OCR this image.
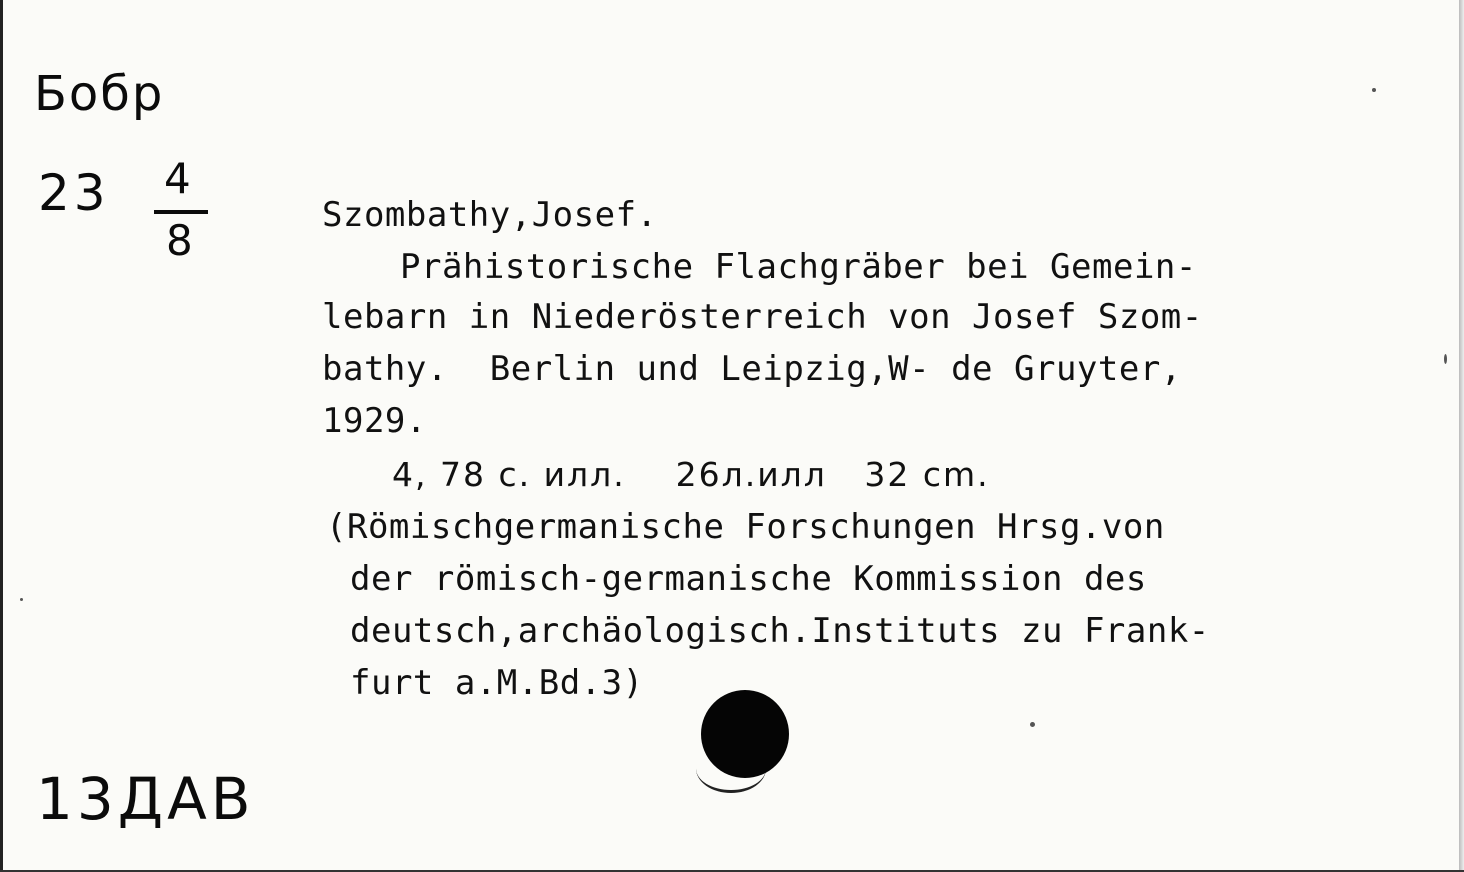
Бобр
23 4
8
13ДАВ
Szombathy,Josef.
Prähistorische Flachgräber bei Gemein-
lebarn in Niederösterreich von Josef Szom-
bathy.  Berlin und Leipzig,W- de Gruyter,
1929.
4, 78 с. илл.    26л.илл   32 cm.
(Römischgermanische Forschungen Hrsg.von
der römisch-germanische Kommission des
deutsch,archäologisch.Instituts zu Frank-
furt a.M.Bd.3)
